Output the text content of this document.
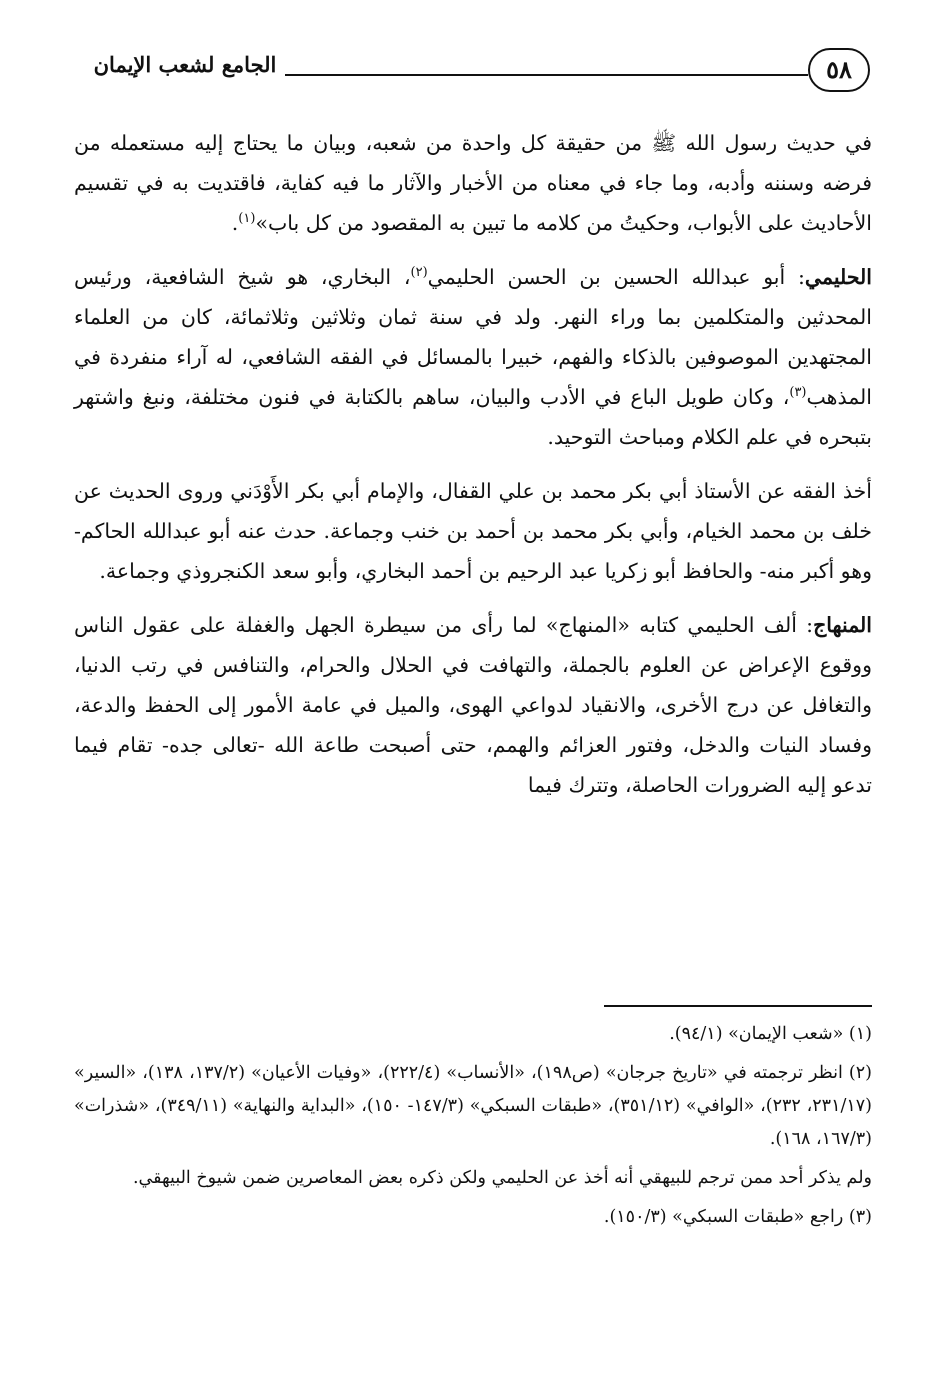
٥٨
الجامع لشعب الإيمان

في حديث رسول الله ﷺ من حقيقة كل واحدة من شعبه، وبيان ما يحتاج إليه مستعمله من فرضه وسننه وأدبه، وما جاء في معناه من الأخبار والآثار ما فيه كفاية، فاقتديت به في تقسيم الأحاديث على الأبواب، وحكيتُ من كلامه ما تبين به المقصود من كل باب»$^{(١)}$.

الحليمي: أبو عبدالله الحسين بن الحسن الحليمي$^{(٢)}$، البخاري، هو شيخ الشافعية، ورئيس المحدثين والمتكلمين بما وراء النهر. ولد في سنة ثمان وثلاثين وثلاثمائة، كان من العلماء المجتهدين الموصوفين بالذكاء والفهم، خبيرا بالمسائل في الفقه الشافعي، له آراء منفردة في المذهب$^{(٣)}$، وكان طويل الباع في الأدب والبيان، ساهم بالكتابة في فنون مختلفة، ونبغ واشتهر بتبحره في علم الكلام ومباحث التوحيد.

أخذ الفقه عن الأستاذ أبي بكر محمد بن علي القفال، والإمام أبي بكر الأَوْدَني وروى الحديث عن خلف بن محمد الخيام، وأبي بكر محمد بن أحمد بن خنب وجماعة. حدث عنه أبو عبدالله الحاكم- وهو أكبر منه- والحافظ أبو زكريا عبد الرحيم بن أحمد البخاري، وأبو سعد الكنجروذي وجماعة.

المنهاج: ألف الحليمي كتابه «المنهاج» لما رأى من سيطرة الجهل والغفلة على عقول الناس ووقوع الإعراض عن العلوم بالجملة، والتهافت في الحلال والحرام، والتنافس في رتب الدنيا، والتغافل عن درج الأخرى، والانقياد لدواعي الهوى، والميل في عامة الأمور إلى الحفظ والدعة، وفساد النيات والدخل، وفتور العزائم والهمم، حتى أصبحت طاعة الله -تعالى جده- تقام فيما تدعو إليه الضرورات الحاصلة، وتترك فيما

(١) «شعب الإيمان» (٩٤/١).

(٢) انظر ترجمته في «تاريخ جرجان» (ص١٩٨)، «الأنساب» (٢٢٢/٤)، «وفيات الأعيان» (١٣٧/٢، ١٣٨)، «السير» (٢٣١/١٧، ٢٣٢)، «الوافي» (٣٥١/١٢)، «طبقات السبكي» (١٤٧/٣- ١٥٠)، «البداية والنهاية» (٣٤٩/١١)، «شذرات» (١٦٧/٣، ١٦٨).

ولم يذكر أحد ممن ترجم للبيهقي أنه أخذ عن الحليمي ولكن ذكره بعض المعاصرين ضمن شيوخ البيهقي.

(٣) راجع «طبقات السبكي» (١٥٠/٣).
